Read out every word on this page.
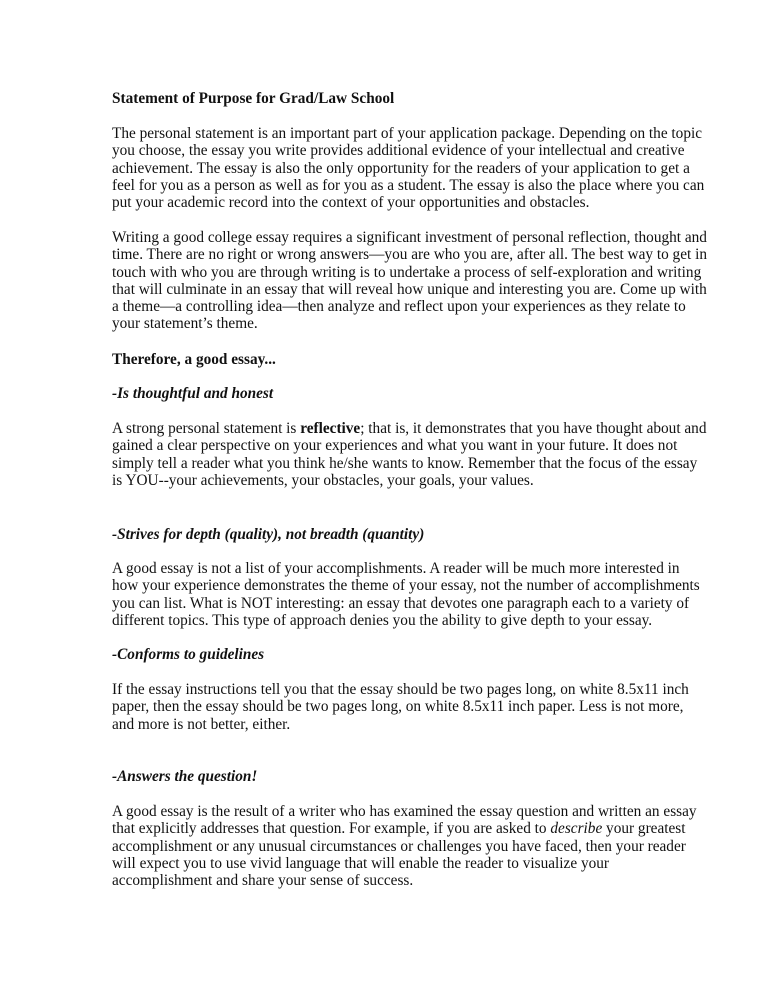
Statement of Purpose for Grad/Law School
The personal statement is an important part of your application package. Depending on the topic
you choose, the essay you write provides additional evidence of your intellectual and creative
achievement. The essay is also the only opportunity for the readers of your application to get a
feel for you as a person as well as for you as a student. The essay is also the place where you can
put your academic record into the context of your opportunities and obstacles.
Writing a good college essay requires a significant investment of personal reflection, thought and
time. There are no right or wrong answers—you are who you are, after all. The best way to get in
touch with who you are through writing is to undertake a process of self-exploration and writing
that will culminate in an essay that will reveal how unique and interesting you are. Come up with
a theme—a controlling idea—then analyze and reflect upon your experiences as they relate to
your statement’s theme.
Therefore, a good essay...
-Is thoughtful and honest
A strong personal statement is reflective; that is, it demonstrates that you have thought about and
gained a clear perspective on your experiences and what you want in your future. It does not
simply tell a reader what you think he/she wants to know. Remember that the focus of the essay
is YOU--your achievements, your obstacles, your goals, your values.
-Strives for depth (quality), not breadth (quantity)
A good essay is not a list of your accomplishments. A reader will be much more interested in
how your experience demonstrates the theme of your essay, not the number of accomplishments
you can list. What is NOT interesting: an essay that devotes one paragraph each to a variety of
different topics. This type of approach denies you the ability to give depth to your essay.
-Conforms to guidelines
If the essay instructions tell you that the essay should be two pages long, on white 8.5x11 inch
paper, then the essay should be two pages long, on white 8.5x11 inch paper. Less is not more,
and more is not better, either.
-Answers the question!
A good essay is the result of a writer who has examined the essay question and written an essay
that explicitly addresses that question. For example, if you are asked to describe your greatest
accomplishment or any unusual circumstances or challenges you have faced, then your reader
will expect you to use vivid language that will enable the reader to visualize your
accomplishment and share your sense of success.
